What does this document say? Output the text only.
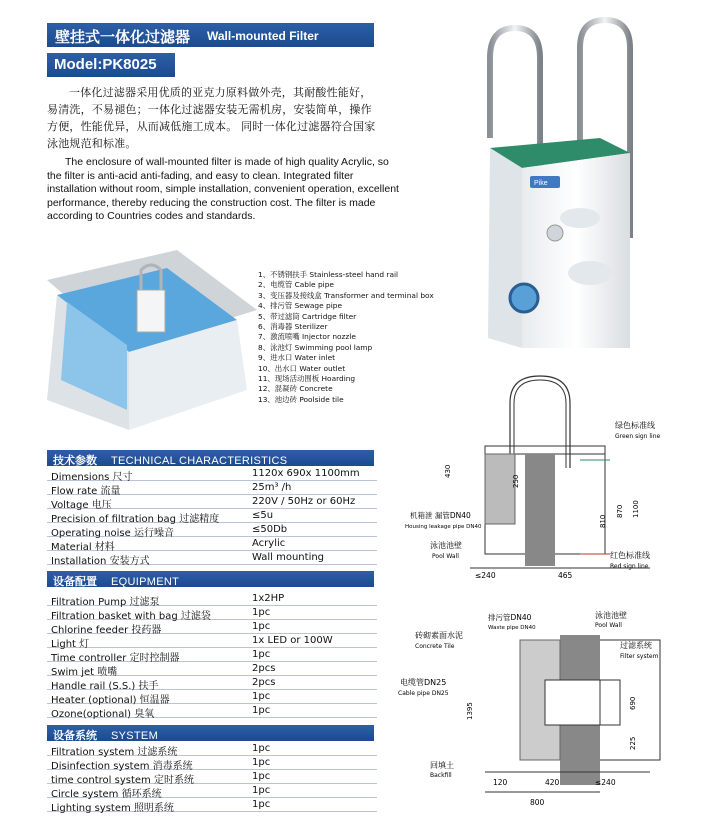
壁挂式一体化过滤器 Wall-mounted Filter
Model:PK8025

一体化过滤器采用优质的亚克力原料做外壳，其耐酸性能好，易清洗，不易褪色；一体化过滤器安装无需机房，安装简单，操作方便，性能优异，从而减低施工成本。 同时一体化过滤器符合国家泳池规范和标准。

The enclosure of wall-mounted filter is made of high quality Acrylic, so the filter is anti-acid anti-fading, and easy to clean. Integrated filter installation without room, simple installation, convenient operation, excellent performance, thereby reducing the construction cost. The filter is made according to Countries codes and standards.

Pike
1、不锈钢扶手 Stainless-steel hand rail
2、电缆管 Cable pipe
3、变压器及接线盒 Transformer and terminal box
4、排污管 Sewage pipe
5、带过滤筒 Cartridge filter
6、消毒器 Sterilizer
7、激流喷嘴 Injector nozzle
8、泳池灯 Swimming pool lamp
9、进水口 Water inlet
10、出水口 Water outlet
11、现场活动围板 Hoarding
12、混凝砖 Concrete
13、池边砖 Poolside tile
技术参数 TECHNICAL CHARACTERISTICS
Dimensions 尺寸	1120x 690x 1100mm
Flow rate 流量	25m³ /h
Voltage 电压	220V / 50Hz or 60Hz
Precision of filtration bag 过滤精度	≤5u
Operating noise 运行噪音	≤50Db
Material 材料	Acrylic
Installation 安装方式	Wall mounting
设备配置 EQUIPMENT
Filtration Pump 过滤泵	1x2HP
Filtration basket with bag 过滤袋	1pc
Chlorine feeder 投药器	1pc
Light 灯	1x LED or 100W
Time controller 定时控制器	1pc
Swim jet 喷嘴	2pcs
Handle rail (S.S.) 扶手	2pcs
Heater (optional) 恒温器	1pc
Ozone(optional) 臭氧	1pc
设备系统 SYSTEM
Filtration system 过滤系统	1pc
Disinfection system 消毒系统	1pc
time control system 定时系统	1pc
Circle system 循环系统	1pc
Lighting system 照明系统	1pc
绿色标准线
Green sign line
红色标准线
Red sign line
机箱泄 漏管DN40
Housing leakage pipe DN40
泳池池壁
Pool Wall
430
250
810
870 1100
≤240	465
排污管DN40
Waste pipe DN40
泳池池壁
Pool Wall
砖砌素面水泥
Concrete Tile	过滤系统
Filter system
电缆管DN25
Cable pipe DN25
回填土
Backfill
1395	690
225
120	420	≤240
800
